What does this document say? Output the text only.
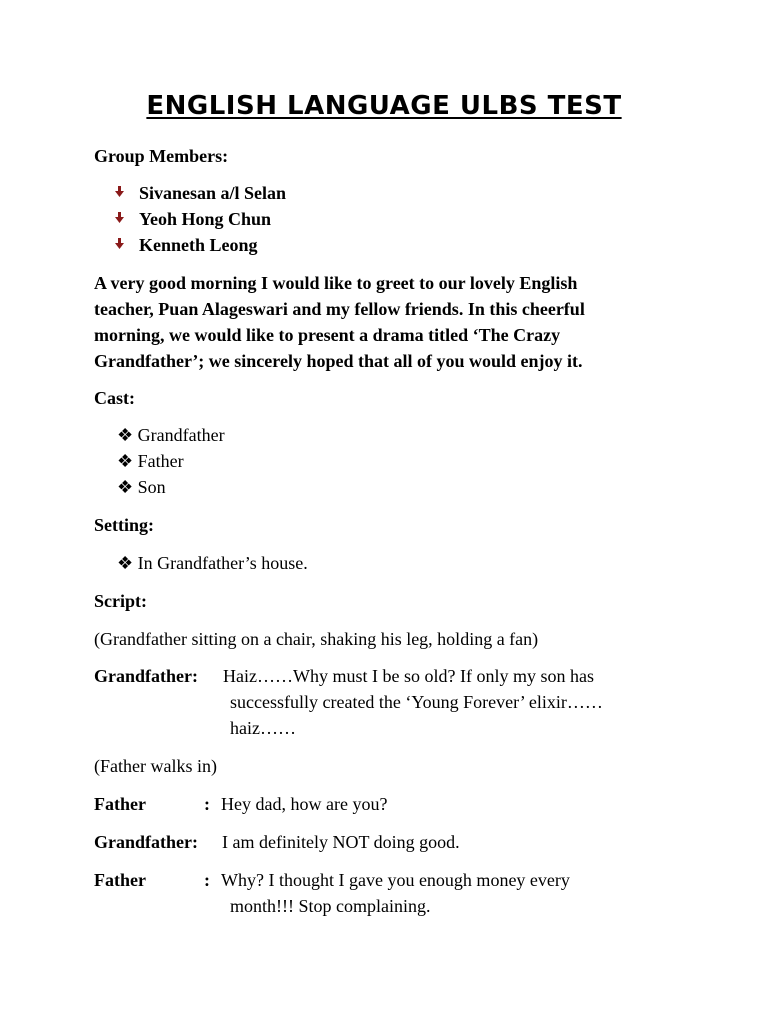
ENGLISH LANGUAGE ULBS TEST
Group Members:
Sivanesan a/l Selan
Yeoh Hong Chun
Kenneth Leong
A very good morning I would like to greet to our lovely English
teacher, Puan Alageswari and my fellow friends. In this cheerful
morning, we would like to present a drama titled ‘The Crazy
Grandfather’; we sincerely hoped that all of you would enjoy it.
Cast:
❖ Grandfather
❖ Father
❖ Son
Setting:
❖ In Grandfather’s house.
Script:
(Grandfather sitting on a chair, shaking his leg, holding a fan)
Grandfather: Haiz……Why must I be so old? If only my son has
successfully created the ‘Young Forever’ elixir……
haiz……
(Father walks in)
Father	: Hey dad, how are you?
Grandfather: I am definitely NOT doing good.
Father	: Why? I thought I gave you enough money every
month!!! Stop complaining.
